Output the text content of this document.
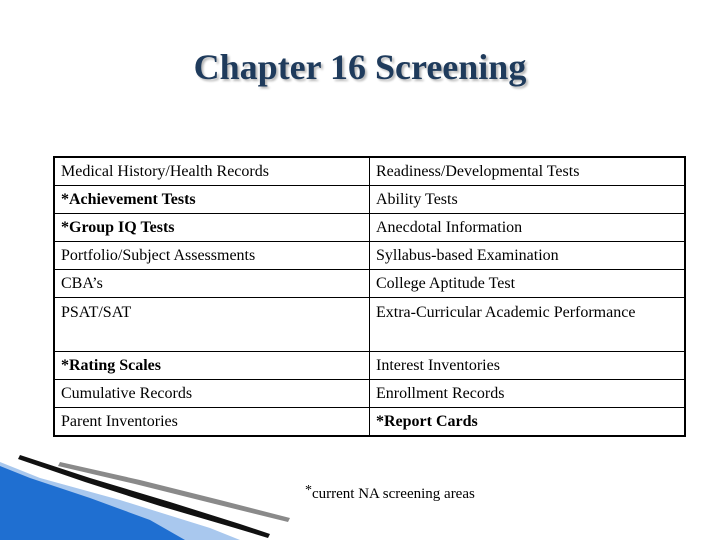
Chapter 16 Screening
Medical History/Health Records	Readiness/Developmental Tests
*Achievement Tests	Ability Tests
*Group IQ Tests	Anecdotal Information
Portfolio/Subject Assessments	Syllabus-based Examination
CBA’s	College Aptitude Test
PSAT/SAT	Extra-Curricular Academic Performance
*Rating Scales	Interest Inventories
Cumulative Records	Enrollment Records
Parent Inventories	*Report Cards
*current NA screening areas
